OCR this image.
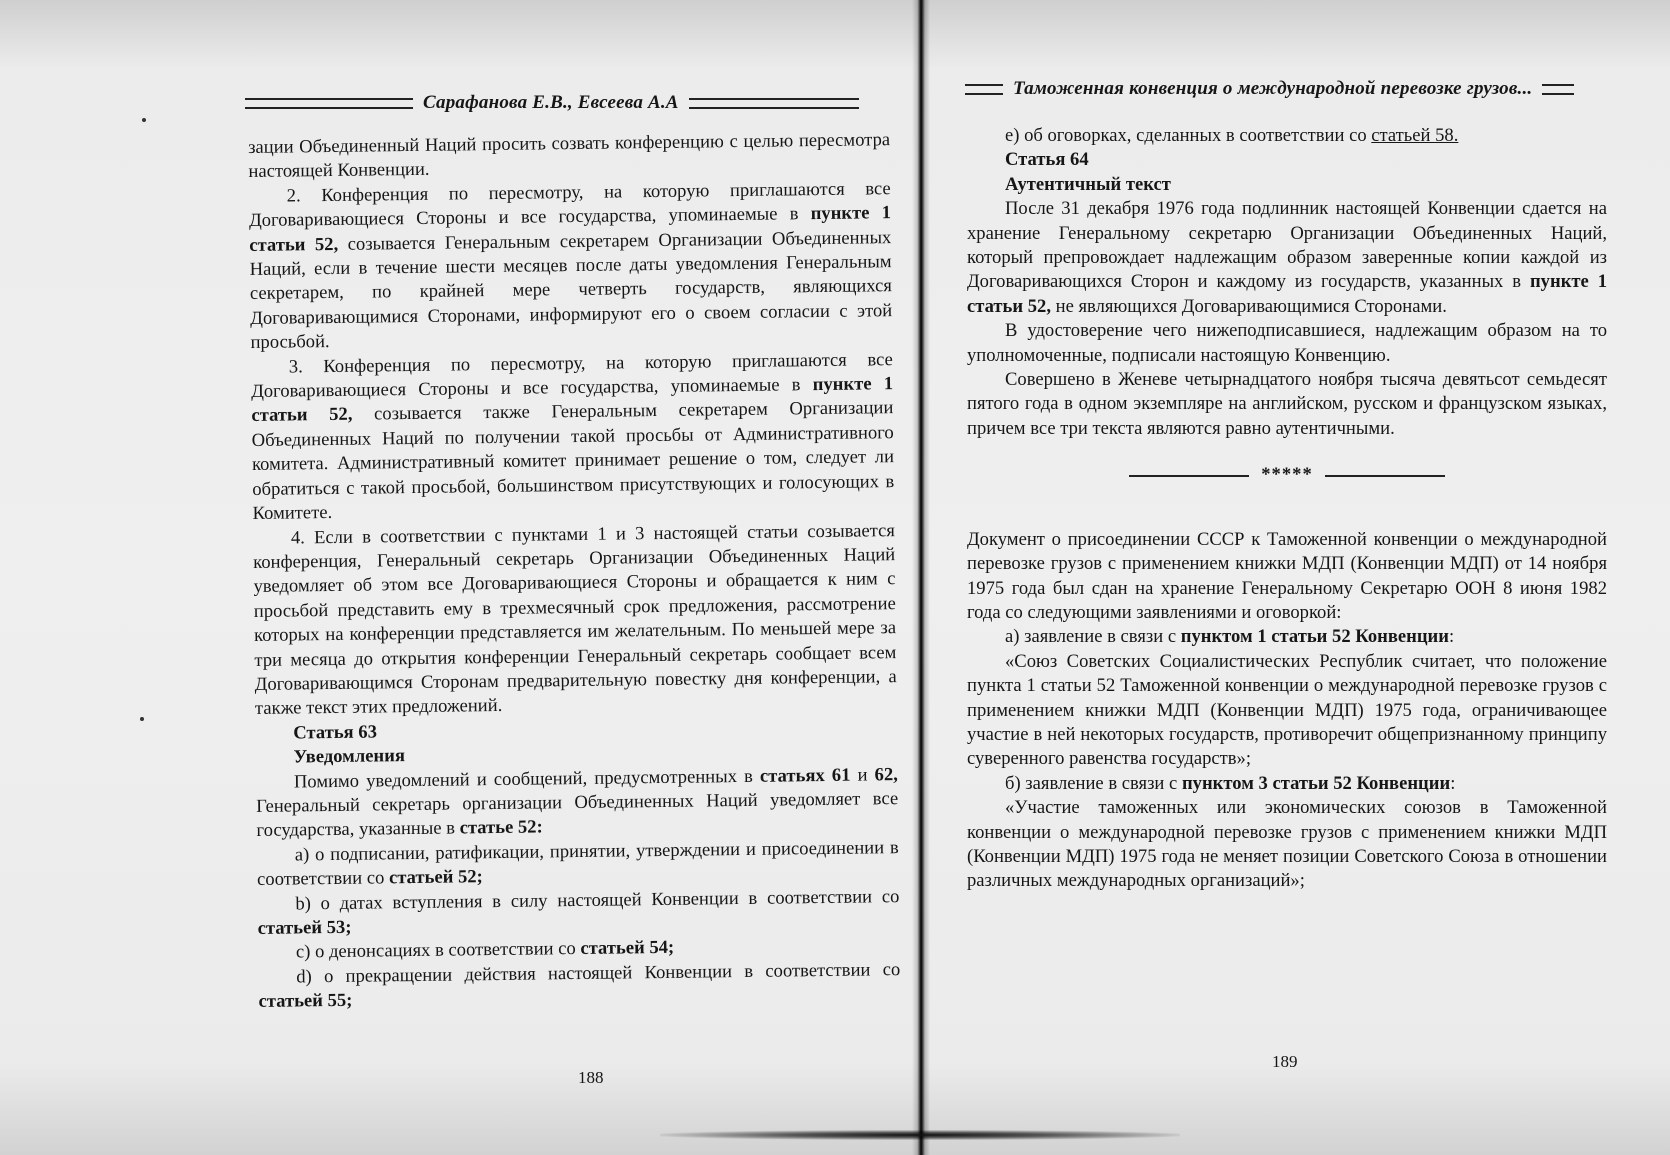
Сарафанова Е.В., Евсеева А.А

зации Объединенный Наций просить созвать конференцию с целью пересмотра настоящей Конвенции.

2. Конференция по пересмотру, на которую приглашаются все Договаривающиеся Стороны и все государства, упоминаемые в пункте 1 статьи 52, созывается Генеральным секретарем Организации Объединенных Наций, если в течение шести месяцев после даты уведомления Генеральным секретарем, по крайней мере четверть государств, являющихся Договаривающимися Сторонами, информируют его о своем согласии с этой просьбой.

3. Конференция по пересмотру, на которую приглашаются все Договаривающиеся Стороны и все государства, упоминаемые в пункте 1 статьи 52, созывается также Генеральным секретарем Организации Объединенных Наций по получении такой просьбы от Административного комитета. Административный комитет принимает решение о том, следует ли обратиться с такой просьбой, большинством присутствующих и голосующих в Комитете.

4. Если в соответствии с пунктами 1 и 3 настоящей статьи созывается конференция, Генеральный секретарь Организации Объединенных Наций уведомляет об этом все Договаривающиеся Стороны и обращается к ним с просьбой представить ему в трехмесячный срок предложения, рассмотрение которых на конференции представляется им желательным. По меньшей мере за три месяца до открытия конференции Генеральный секретарь сообщает всем Договаривающимся Сторонам предварительную повестку дня конференции, а также текст этих предложений.

Статья 63
Уведомления

Помимо уведомлений и сообщений, предусмотренных в статьях 61 и 62, Генеральный секретарь организации Объединенных Наций уведомляет все государства, указанные в статье 52:

a) о подписании, ратификации, принятии, утверждении и присоединении в соответствии со статьей 52;

b) о датах вступления в силу настоящей Конвенции в соответствии со статьей 53;

c) о денонсациях в соответствии со статьей 54;

d) о прекращении действия настоящей Конвенции в соответствии со статьей 55;

188
Таможенная конвенция о международной перевозке грузов...

e) об оговорках, сделанных в соответствии со статьей 58.

Статья 64
Аутентичный текст

После 31 декабря 1976 года подлинник настоящей Конвенции сдается на хранение Генеральному секретарю Организации Объединенных Наций, который препровождает надлежащим образом заверенные копии каждой из Договаривающихся Сторон и каждому из государств, указанных в пункте 1 статьи 52, не являющихся Договаривающимися Сторонами.

В удостоверение чего нижеподписавшиеся, надлежащим образом на то уполномоченные, подписали настоящую Конвенцию.

Совершено в Женеве четырнадцатого ноября тысяча девятьсот семьдесят пятого года в одном экземпляре на английском, русском и французском языках, причем все три текста являются равно аутентичными.

*****

Документ о присоединении СССР к Таможенной конвенции о международной перевозке грузов с применением книжки МДП (Конвенции МДП) от 14 ноября 1975 года был сдан на хранение Генеральному Секретарю ООН 8 июня 1982 года со следующими заявлениями и оговоркой:

а) заявление в связи с пунктом 1 статьи 52 Конвенции:

«Союз Советских Социалистических Республик считает, что положение пункта 1 статьи 52 Таможенной конвенции о международной перевозке грузов с применением книжки МДП (Конвенции МДП) 1975 года, ограничивающее участие в ней некоторых государств, противоречит общепризнанному принципу суверенного равенства государств»;

б) заявление в связи с пунктом 3 статьи 52 Конвенции:

«Участие таможенных или экономических союзов в Таможенной конвенции о международной перевозке грузов с применением книжки МДП (Конвенции МДП) 1975 года не меняет позиции Советского Союза в отношении различных международных организаций»;

189
